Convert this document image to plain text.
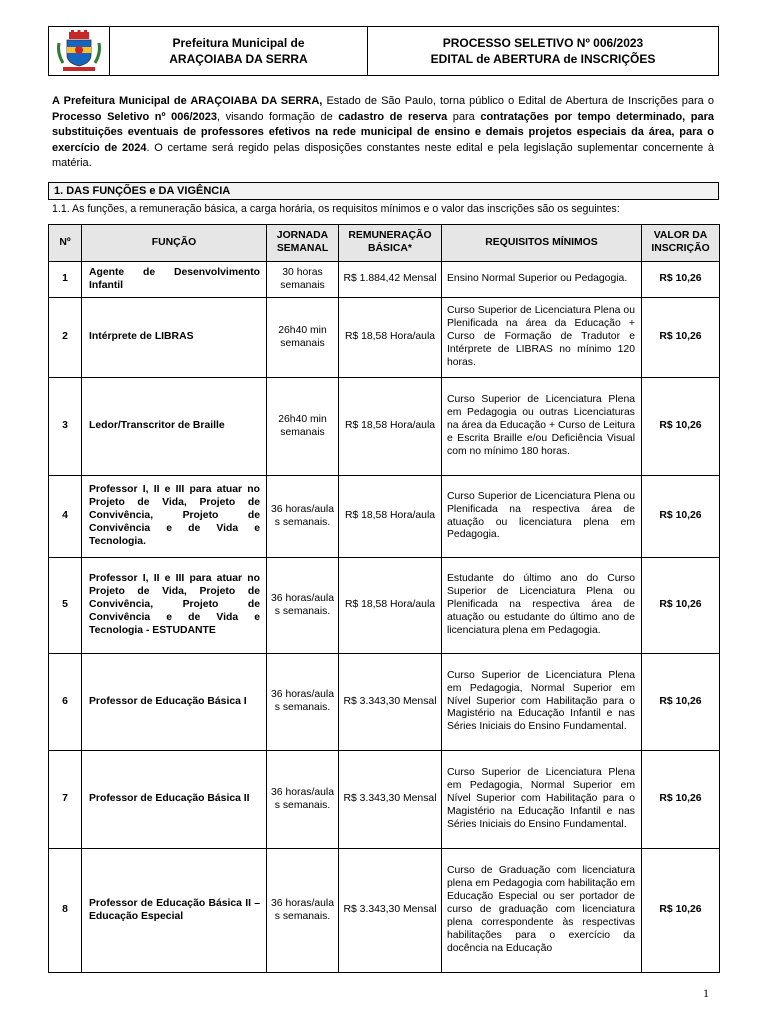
Prefeitura Municipal de
ARAÇOIABA DA SERRA
PROCESSO SELETIVO Nº 006/2023
EDITAL de ABERTURA de INSCRIÇÕES
A Prefeitura Municipal de ARAÇOIABA DA SERRA, Estado de São Paulo, torna público o Edital de Abertura de Inscrições para o Processo Seletivo nº 006/2023, visando formação de cadastro de reserva para contratações por tempo determinado, para substituições eventuais de professores efetivos na rede municipal de ensino e demais projetos especiais da área, para o exercício de 2024. O certame será regido pelas disposições constantes neste edital e pela legislação suplementar concernente à matéria.
1. DAS FUNÇÕES e DA VIGÊNCIA
1.1. As funções, a remuneração básica, a carga horária, os requisitos mínimos e o valor das inscrições são os seguintes:
Nº	FUNÇÃO	JORNADA SEMANAL	REMUNERAÇÃO BÁSICA*	REQUISITOS MÍNIMOS	VALOR DA INSCRIÇÃO
1	Agente de Desenvolvimento Infantil	30 horas semanais	R$ 1.884,42 Mensal	Ensino Normal Superior ou Pedagogia.	R$ 10,26
2	Intérprete de LIBRAS	26h40 min semanais	R$ 18,58 Hora/aula	Curso Superior de Licenciatura Plena ou Plenificada na área da Educação + Curso de Formação de Tradutor e Intérprete de LIBRAS no mínimo 120 horas.	R$ 10,26
3	Ledor/Transcritor de Braille	26h40 min semanais	R$ 18,58 Hora/aula	Curso Superior de Licenciatura Plena em Pedagogia ou outras Licenciaturas na área da Educação + Curso de Leitura e Escrita Braille e/ou Deficiência Visual com no mínimo 180 horas.	R$ 10,26
4	Professor I, II e III para atuar no Projeto de Vida, Projeto de Convivência, Projeto de Convivência e de Vida e Tecnologia.	36 horas/aula s semanais.	R$ 18,58 Hora/aula	Curso Superior de Licenciatura Plena ou Plenificada na respectiva área de atuação ou licenciatura plena em Pedagogia.	R$ 10,26
5	Professor I, II e III para atuar no Projeto de Vida, Projeto de Convivência, Projeto de Convivência e de Vida e Tecnologia - ESTUDANTE	36 horas/aula s semanais.	R$ 18,58 Hora/aula	Estudante do último ano do Curso Superior de Licenciatura Plena ou Plenificada na respectiva área de atuação ou estudante do último ano de licenciatura plena em Pedagogia.	R$ 10,26
6	Professor de Educação Básica I	36 horas/aula s semanais.	R$ 3.343,30 Mensal	Curso Superior de Licenciatura Plena em Pedagogia, Normal Superior em Nível Superior com Habilitação para o Magistério na Educação Infantil e nas Séries Iniciais do Ensino Fundamental.	R$ 10,26
7	Professor de Educação Básica II	36 horas/aula s semanais.	R$ 3.343,30 Mensal	Curso Superior de Licenciatura Plena em Pedagogia, Normal Superior em Nível Superior com Habilitação para o Magistério na Educação Infantil e nas Séries Iniciais do Ensino Fundamental.	R$ 10,26
8	Professor de Educação Básica II – Educação Especial	36 horas/aula s semanais.	R$ 3.343,30 Mensal	Curso de Graduação com licenciatura plena em Pedagogia com habilitação em Educação Especial ou ser portador de curso de graduação com licenciatura plena correspondente às respectivas habilitações para o exercício da docência na Educação	R$ 10,26
1
